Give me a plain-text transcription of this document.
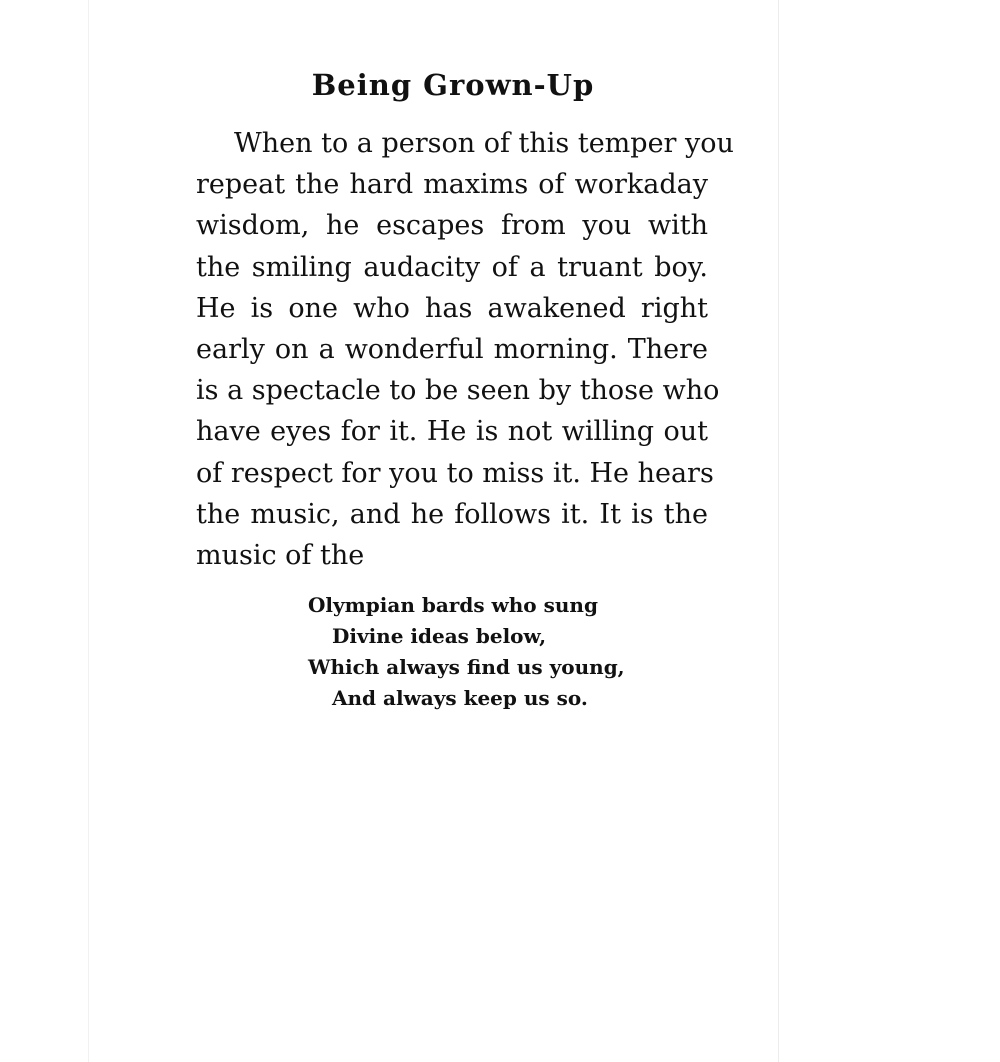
Being Grown-Up
When to a person of this temper you
repeat the hard maxims of workaday
wisdom, he escapes from you with
the smiling audacity of a truant boy.
He is one who has awakened right
early on a wonderful morning. There
is a spectacle to be seen by those who
have eyes for it. He is not willing out
of respect for you to miss it. He hears
the music, and he follows it. It is the
music of the
Olympian bards who sung
Divine ideas below,
Which always find us young,
And always keep us so.
